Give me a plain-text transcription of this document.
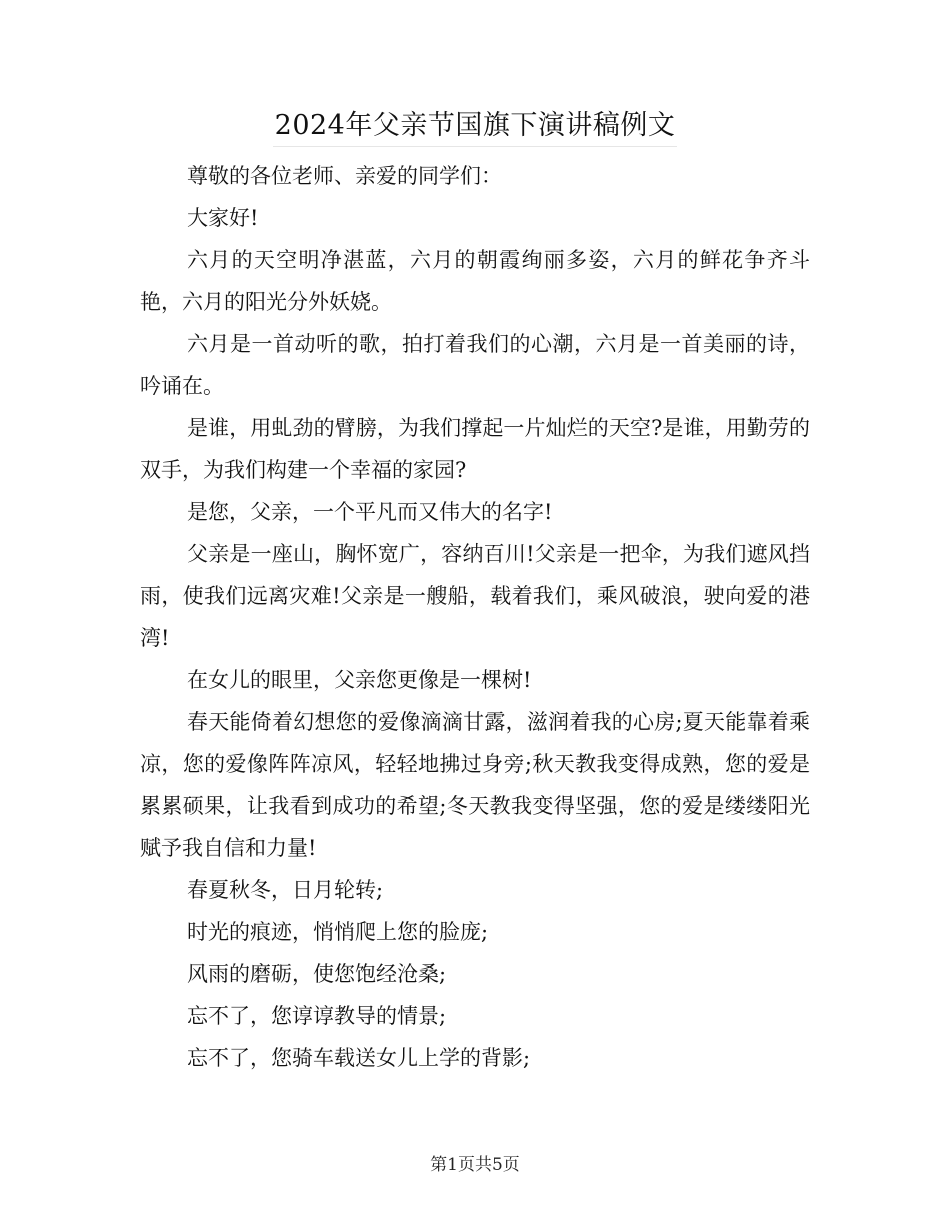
2024年父亲节国旗下演讲稿例文

尊敬的各位老师、亲爱的同学们：

大家好!

六月的天空明净湛蓝，六月的朝霞绚丽多姿，六月的鲜花争齐斗艳，六月的阳光分外妖娆。

六月是一首动听的歌，拍打着我们的心潮，六月是一首美丽的诗，吟诵在。

是谁，用虬劲的臂膀，为我们撑起一片灿烂的天空?是谁，用勤劳的双手，为我们构建一个幸福的家园?

是您，父亲，一个平凡而又伟大的名字!

父亲是一座山，胸怀宽广，容纳百川!父亲是一把伞，为我们遮风挡雨，使我们远离灾难!父亲是一艘船，载着我们，乘风破浪，驶向爱的港湾!

在女儿的眼里，父亲您更像是一棵树!

春天能倚着幻想您的爱像滴滴甘露，滋润着我的心房;夏天能靠着乘凉，您的爱像阵阵凉风，轻轻地拂过身旁;秋天教我变得成熟，您的爱是累累硕果，让我看到成功的希望;冬天教我变得坚强，您的爱是缕缕阳光赋予我自信和力量!

春夏秋冬，日月轮转;

时光的痕迹，悄悄爬上您的脸庞;

风雨的磨砺，使您饱经沧桑;

忘不了，您谆谆教导的情景;

忘不了，您骑车载送女儿上学的背影;

第1页共5页
